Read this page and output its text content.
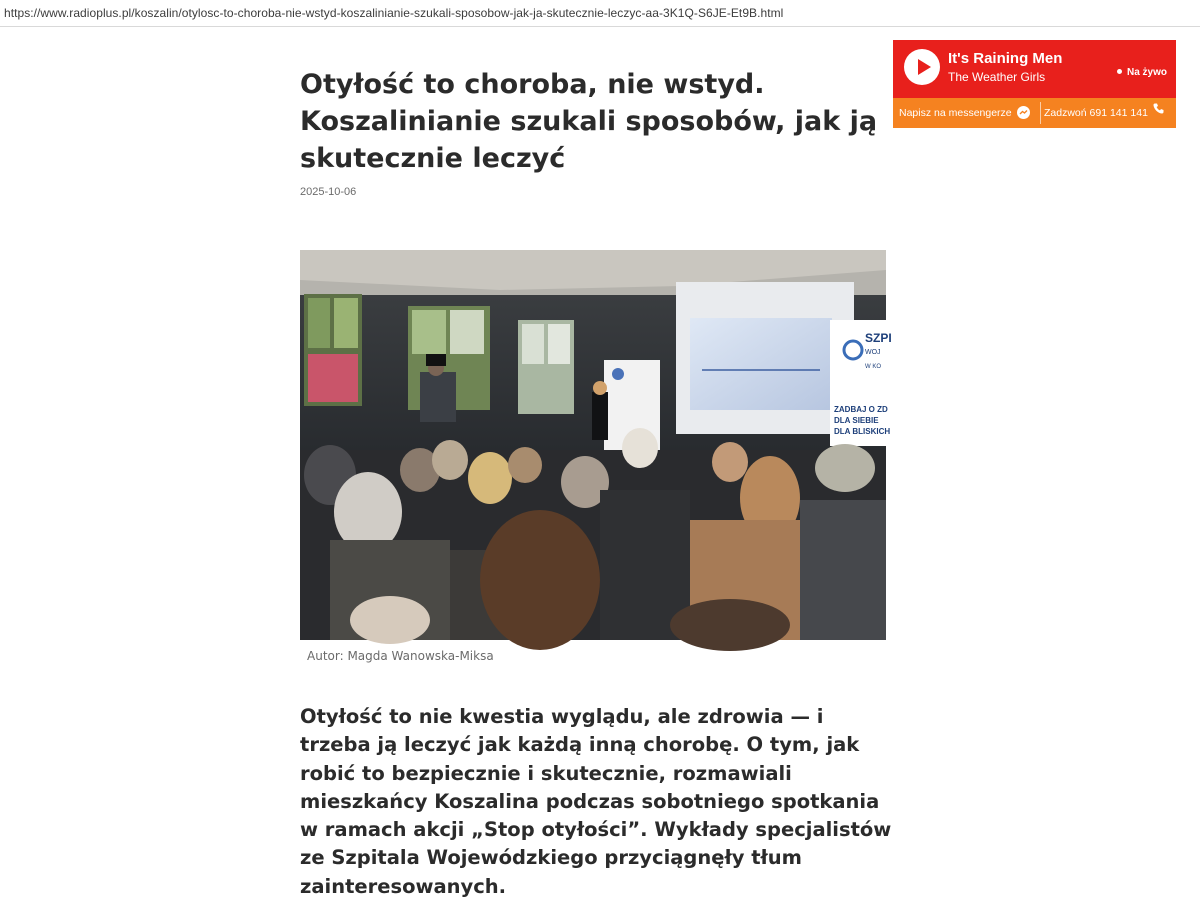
https://www.radioplus.pl/koszalin/otylosc-to-choroba-nie-wstyd-koszalinianie-szukali-sposobow-jak-ja-skutecznie-leczyc-aa-3K1Q-S6JE-Et9B.html
Otyłość to choroba, nie wstyd. Koszalinianie szukali sposobów, jak ją skutecznie leczyć
2025-10-06
SZPI
WOJ
W KO
ZADBAJ O ZD
DLA SIEBIE
DLA BLISKICH
Autor: Magda Wanowska-Miksa

Otyłość to nie kwestia wyglądu, ale zdrowia — i trzeba ją leczyć jak każdą inną chorobę. O tym, jak robić to bezpiecznie i skutecznie, rozmawiali mieszkańcy Koszalina podczas sobotniego spotkania w ramach akcji „Stop otyłości”. Wykłady specjalistów ze Szpitala Wojewódzkiego przyciągnęły tłum zainteresowanych.

It's Raining Men
The Weather Girls	Na żywo
Napisz na messengerze	Zadzwoń 691 141 141
